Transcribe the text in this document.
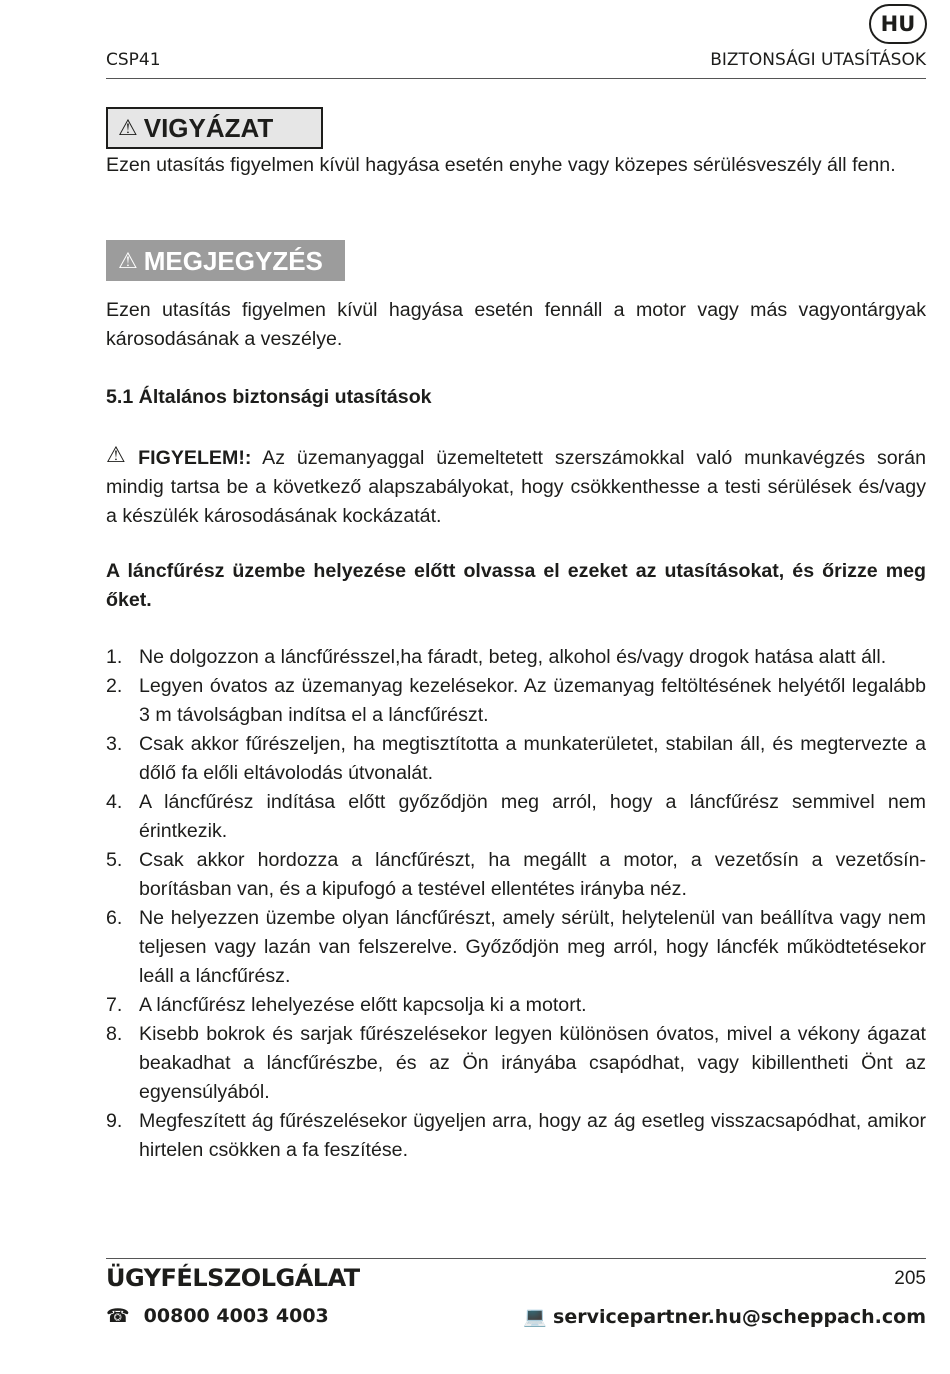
HU
CSP41	BIZTONSÁGI UTASÍTÁSOK
⚠ VIGYÁZAT

Ezen utasítás figyelmen kívül hagyása esetén enyhe vagy közepes sérülésveszély áll fenn.

⚠ MEGJEGYZÉS

Ezen utasítás figyelmen kívül hagyása esetén fennáll a motor vagy más vagyontárgyak károsodásának a veszélye.

5.1 Általános biztonsági utasítások

⚠ FIGYELEM!: Az üzemanyaggal üzemeltetett szerszámokkal való munkavégzés során mindig tartsa be a következő alapszabályokat, hogy csökkenthesse a testi sérülések és/vagy a készülék károsodásának kockázatát.

A láncfűrész üzembe helyezése előtt olvassa el ezeket az utasításokat, és őrizze meg őket.

1. Ne dolgozzon a láncfűrésszel,ha fáradt, beteg, alkohol és/vagy drogok hatása alatt áll.
2. Legyen óvatos az üzemanyag kezelésekor. Az üzemanyag feltöltésének helyétől legalább 3 m távolságban indítsa el a láncfűrészt.
3. Csak akkor fűrészeljen, ha megtisztította a munkaterületet, stabilan áll, és megtervezte a dőlő fa előli eltávolodás útvonalát.
4. A láncfűrész indítása előtt győződjön meg arról, hogy a láncfűrész semmivel nem érintkezik.
5. Csak akkor hordozza a láncfűrészt, ha megállt a motor, a vezetősín a vezetősín-borításban van, és a kipufogó a testével ellentétes irányba néz.
6. Ne helyezzen üzembe olyan láncfűrészt, amely sérült, helytelenül van beállítva vagy nem teljesen vagy lazán van felszerelve. Győződjön meg arról, hogy láncfék működtetésekor leáll a láncfűrész.
7. A láncfűrész lehelyezése előtt kapcsolja ki a motort.
8. Kisebb bokrok és sarjak fűrészelésekor legyen különösen óvatos, mivel a vékony ágazat beakadhat a láncfűrészbe, és az Ön irányába csapódhat, vagy kibillentheti Önt az egyensúlyából.
9. Megfeszített ág fűrészelésekor ügyeljen arra, hogy az ág esetleg visszacsapódhat, amikor hirtelen csökken a fa feszítése.
ÜGYFÉLSZOLGÁLAT	205
☎ 00800 4003 4003	💻 servicepartner.hu@scheppach.com
